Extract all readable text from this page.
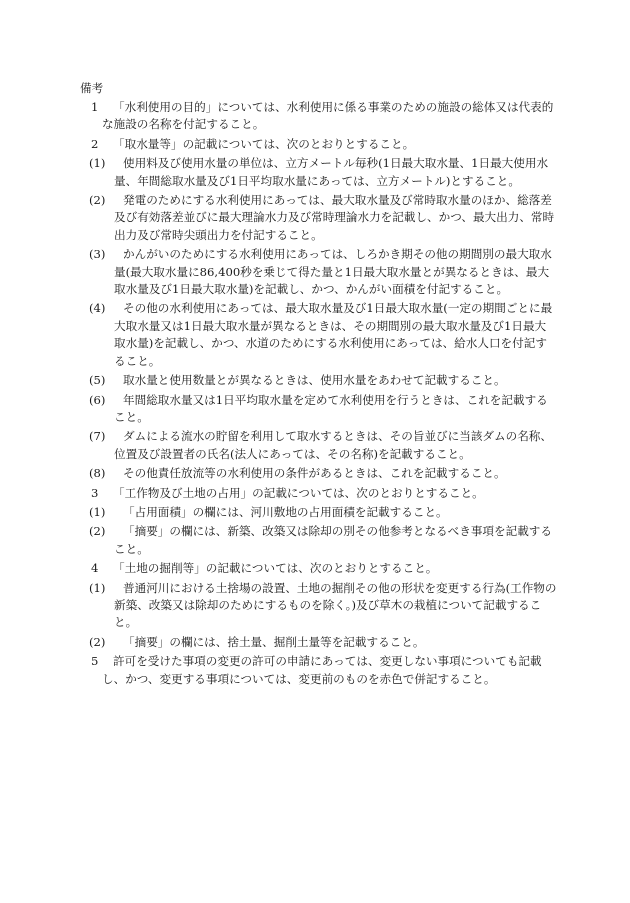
備考

1 「水利使用の目的」については、水利使用に係る事業のための施設の総体又は代表的な施設の名称を付記すること。

2 「取水量等」の記載については、次のとおりとすること。

(1) 使用料及び使用水量の単位は、立方メートル毎秒(1日最大取水量、1日最大使用水量、年間総取水量及び1日平均取水量にあっては、立方メートル)とすること。

(2) 発電のためにする水利使用にあっては、最大取水量及び常時取水量のほか、総落差及び有効落差並びに最大理論水力及び常時理論水力を記載し、かつ、最大出力、常時出力及び常時尖頭出力を付記すること。

(3) かんがいのためにする水利使用にあっては、しろかき期その他の期間別の最大取水量(最大取水量に86,400秒を乗じて得た量と1日最大取水量とが異なるときは、最大取水量及び1日最大取水量)を記載し、かつ、かんがい面積を付記すること。

(4) その他の水利使用にあっては、最大取水量及び1日最大取水量(一定の期間ごとに最大取水量又は1日最大取水量が異なるときは、その期間別の最大取水量及び1日最大取水量)を記載し、かつ、水道のためにする水利使用にあっては、給水人口を付記すること。

(5) 取水量と使用数量とが異なるときは、使用水量をあわせて記載すること。

(6) 年間総取水量又は1日平均取水量を定めて水利使用を行うときは、これを記載すること。

(7) ダムによる流水の貯留を利用して取水するときは、その旨並びに当該ダムの名称、位置及び設置者の氏名(法人にあっては、その名称)を記載すること。

(8) その他責任放流等の水利使用の条件があるときは、これを記載すること。

3 「工作物及び土地の占用」の記載については、次のとおりとすること。

(1) 「占用面積」の欄には、河川敷地の占用面積を記載すること。

(2) 「摘要」の欄には、新築、改築又は除却の別その他参考となるべき事項を記載すること。

4 「土地の掘削等」の記載については、次のとおりとすること。

(1) 普通河川における土捨場の設置、土地の掘削その他の形状を変更する行為(工作物の新築、改築又は除却のためにするものを除く。)及び草木の栽植について記載すること。

(2) 「摘要」の欄には、捨土量、掘削土量等を記載すること。

5 許可を受けた事項の変更の許可の申請にあっては、変更しない事項についても記載し、かつ、変更する事項については、変更前のものを赤色で併記すること。
